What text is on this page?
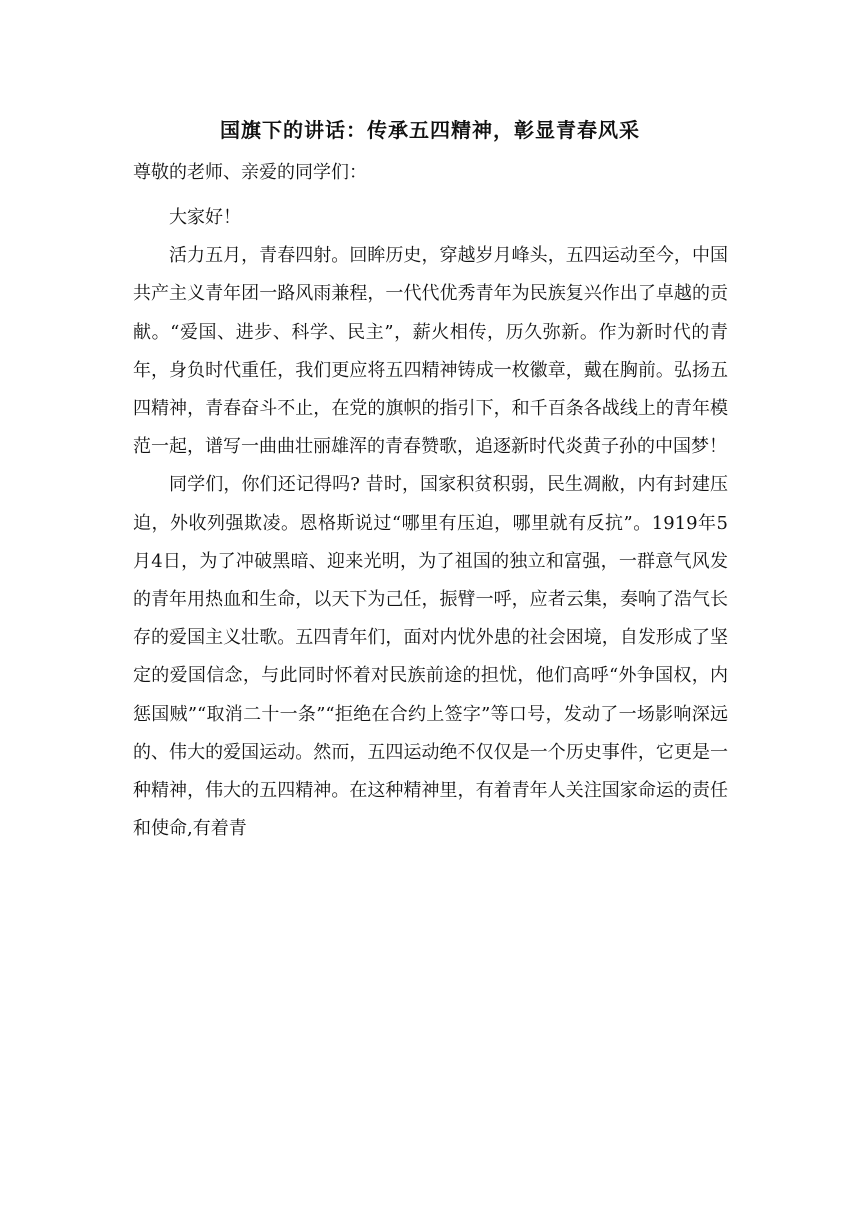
国旗下的讲话：传承五四精神，彰显青春风采

尊敬的老师、亲爱的同学们：

大家好！

活力五月，青春四射。回眸历史，穿越岁月峰头，五四运动至今，中国共产主义青年团一路风雨兼程，一代代优秀青年为民族复兴作出了卓越的贡献。“爱国、进步、科学、民主”，薪火相传，历久弥新。作为新时代的青年，身负时代重任，我们更应将五四精神铸成一枚徽章，戴在胸前。弘扬五四精神，青春奋斗不止，在党的旗帜的指引下，和千百条各战线上的青年模范一起，谱写一曲曲壮丽雄浑的青春赞歌，追逐新时代炎黄子孙的中国梦！

同学们，你们还记得吗? 昔时，国家积贫积弱，民生凋敝，内有封建压迫，外收列强欺凌。恩格斯说过“哪里有压迫，哪里就有反抗”。1919年5月4日，为了冲破黑暗、迎来光明，为了祖国的独立和富强，一群意气风发的青年用热血和生命，以天下为己任，振臂一呼，应者云集，奏响了浩气长存的爱国主义壮歌。五四青年们，面对内忧外患的社会困境，自发形成了坚定的爱国信念，与此同时怀着对民族前途的担忧，他们高呼“外争国权，内惩国贼”“取消二十一条”“拒绝在合约上签字”等口号，发动了一场影响深远的、伟大的爱国运动。然而，五四运动绝不仅仅是一个历史事件，它更是一种精神，伟大的五四精神。在这种精神里，有着青年人关注国家命运的责任和使命,有着青
